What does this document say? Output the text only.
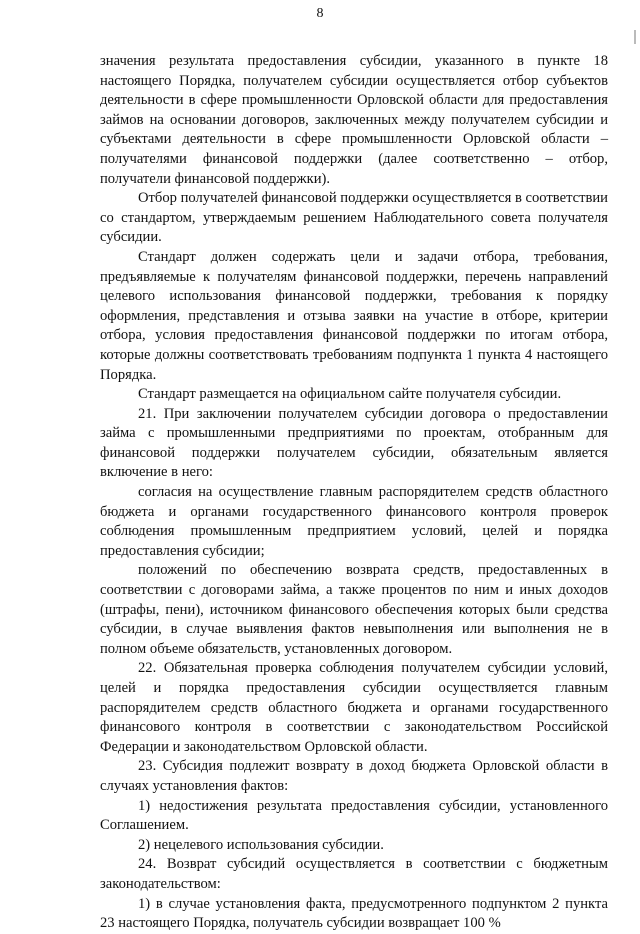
8

значения результата предоставления субсидии, указанного в пункте 18 настоящего Порядка, получателем субсидии осуществляется отбор субъектов деятельности в сфере промышленности Орловской области для предоставления займов на основании договоров, заключенных между получателем субсидии и субъектами деятельности в сфере промышленности Орловской области – получателями финансовой поддержки (далее соответственно – отбор, получатели финансовой поддержки).

Отбор получателей финансовой поддержки осуществляется в соответствии со стандартом, утверждаемым решением Наблюдательного совета получателя субсидии.

Стандарт должен содержать цели и задачи отбора, требования, предъявляемые к получателям финансовой поддержки, перечень направлений целевого использования финансовой поддержки, требования к порядку оформления, представления и отзыва заявки на участие в отборе, критерии отбора, условия предоставления финансовой поддержки по итогам отбора, которые должны соответствовать требованиям подпункта 1 пункта 4 настоящего Порядка.

Стандарт размещается на официальном сайте получателя субсидии.

21. При заключении получателем субсидии договора о предоставлении займа с промышленными предприятиями по проектам, отобранным для финансовой поддержки получателем субсидии, обязательным является включение в него:

согласия на осуществление главным распорядителем средств областного бюджета и органами государственного финансового контроля проверок соблюдения промышленным предприятием условий, целей и порядка предоставления субсидии;

положений по обеспечению возврата средств, предоставленных в соответствии с договорами займа, а также процентов по ним и иных доходов (штрафы, пени), источником финансового обеспечения которых были средства субсидии, в случае выявления фактов невыполнения или выполнения не в полном объеме обязательств, установленных договором.

22. Обязательная проверка соблюдения получателем субсидии условий, целей и порядка предоставления субсидии осуществляется главным распорядителем средств областного бюджета и органами государственного финансового контроля в соответствии с законодательством Российской Федерации и законодательством Орловской области.

23. Субсидия подлежит возврату в доход бюджета Орловской области в случаях установления фактов:

1) недостижения результата предоставления субсидии, установленного Соглашением.

2) нецелевого использования субсидии.

24. Возврат субсидий осуществляется в соответствии с бюджетным законодательством:

1) в случае установления факта, предусмотренного подпунктом 2 пункта 23 настоящего Порядка, получатель субсидии возвращает 100 %
